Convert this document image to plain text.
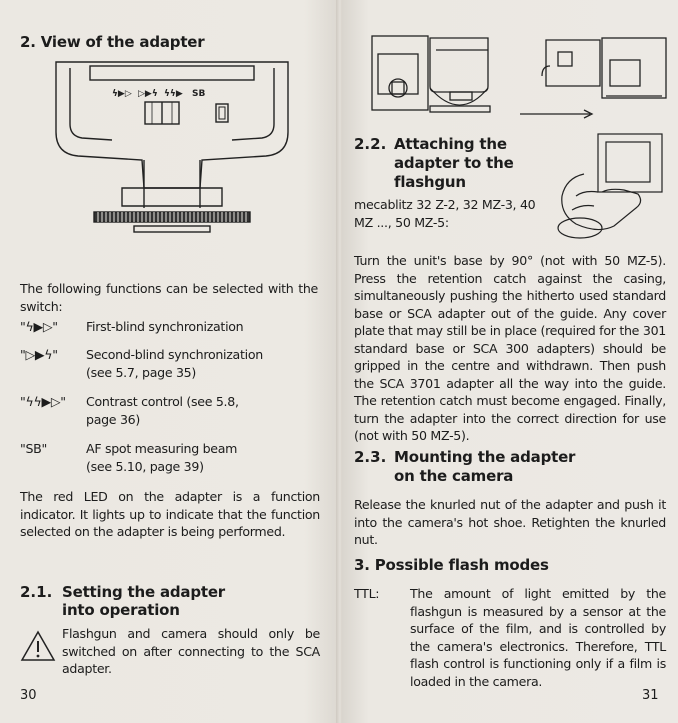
2. View of the adapter
ϟ▶▷ ▷▶ϟ ϟϟ▶ SB
The following functions can be selected with the switch:
"ϟ▶▷" First-blind synchronization
"▷▶ϟ" Second-blind synchronization (see 5.7, page 35)
"ϟϟ▶▷" Contrast control (see 5.8, page 36)
"SB"	AF spot measuring beam (see 5.10, page 39)
The red LED on the adapter is a function indicator. It lights up to indicate that the function selected on the adapter is being performed.
2.1. Setting the adapter into operation
Flashgun and camera should only be switched on after connecting to the SCA adapter.
30
2.2. Attaching the adapter to the flashgun
mecablitz 32 Z-2, 32 MZ-3, 40 MZ ..., 50 MZ-5:
Turn the unit's base by 90° (not with 50 MZ-5). Press the retention catch against the casing, simultaneously pushing the hitherto used standard base or SCA adapter out of the guide. Any cover plate that may still be in place (required for the 301 standard base or SCA 300 adapters) should be gripped in the centre and withdrawn. Then push the SCA 3701 adapter all the way into the guide. The retention catch must become engaged. Finally, turn the adapter into the correct direction for use (not with 50 MZ-5).
2.3. Mounting the adapter on the camera
Release the knurled nut of the adapter and push it into the camera's hot shoe. Retighten the knurled nut.
3. Possible flash modes
TTL: The amount of light emitted by the flashgun is measured by a sensor at the surface of the film, and is controlled by the camera's electronics. Therefore, TTL flash control is functioning only if a film is loaded in the camera.
31
